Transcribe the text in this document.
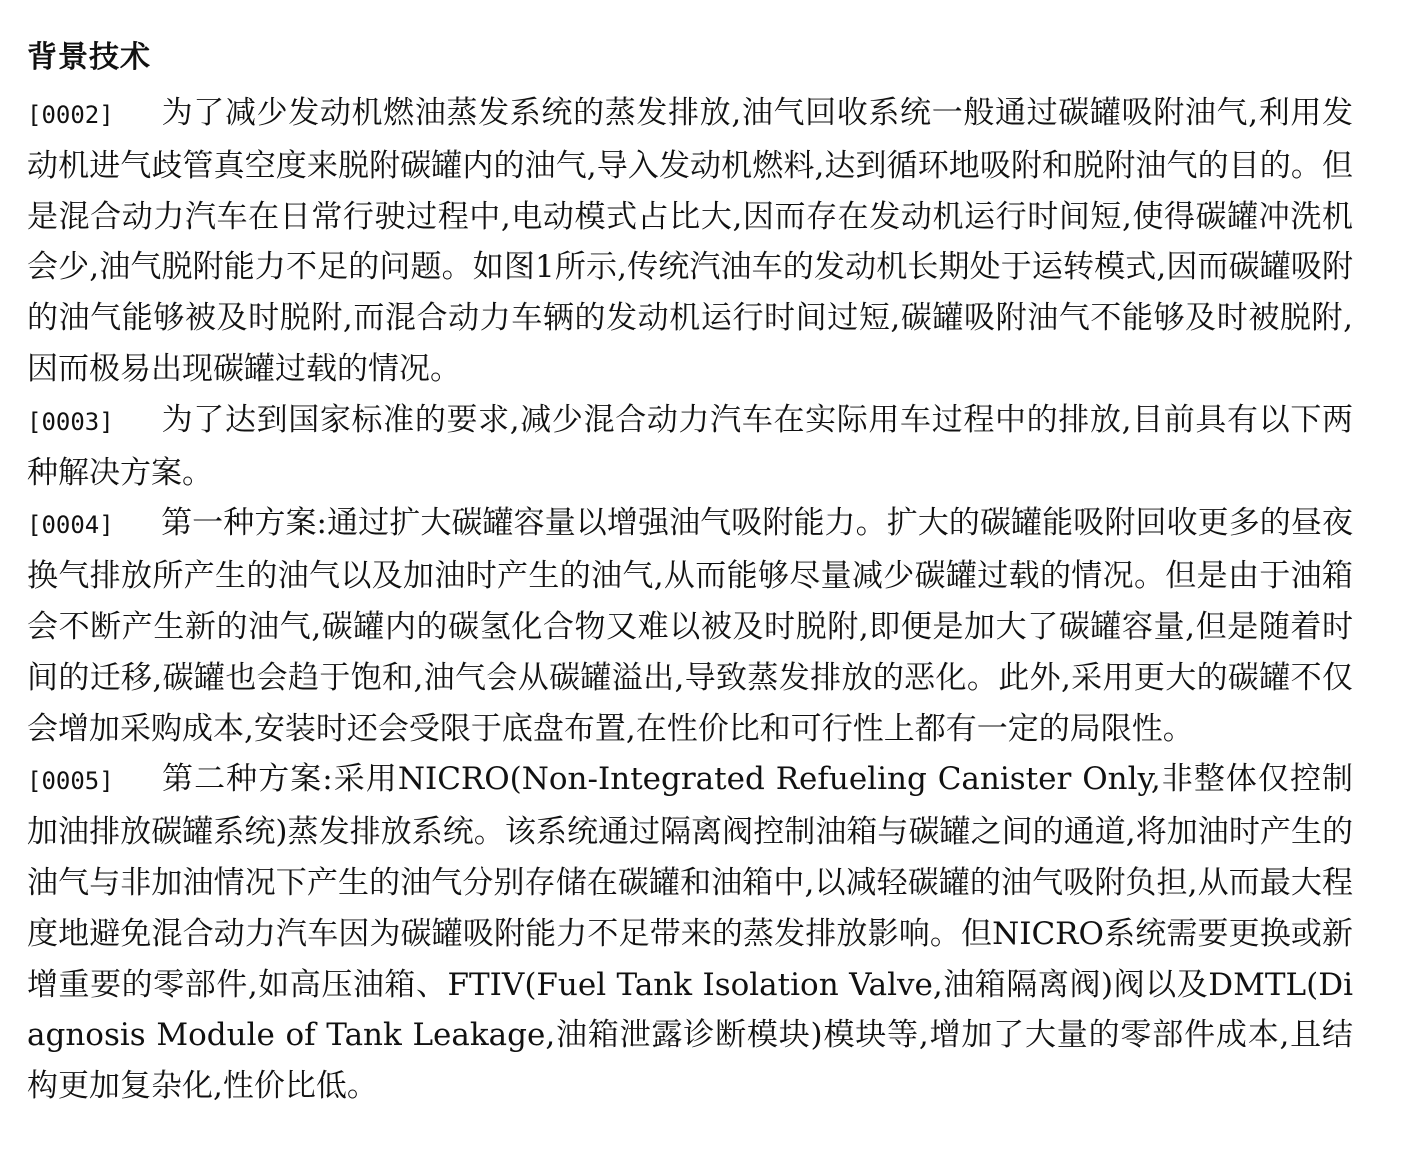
背景技术

[0002] 为了减少发动机燃油蒸发系统的蒸发排放,油气回收系统一般通过碳罐吸附油气,利用发动机进气歧管真空度来脱附碳罐内的油气,导入发动机燃料,达到循环地吸附和脱附油气的目的。但是混合动力汽车在日常行驶过程中,电动模式占比大,因而存在发动机运行时间短,使得碳罐冲洗机会少,油气脱附能力不足的问题。如图1所示,传统汽油车的发动机长期处于运转模式,因而碳罐吸附的油气能够被及时脱附,而混合动力车辆的发动机运行时间过短,碳罐吸附油气不能够及时被脱附,因而极易出现碳罐过载的情况。

[0003] 为了达到国家标准的要求,减少混合动力汽车在实际用车过程中的排放,目前具有以下两种解决方案。

[0004] 第一种方案:通过扩大碳罐容量以增强油气吸附能力。扩大的碳罐能吸附回收更多的昼夜换气排放所产生的油气以及加油时产生的油气,从而能够尽量减少碳罐过载的情况。但是由于油箱会不断产生新的油气,碳罐内的碳氢化合物又难以被及时脱附,即便是加大了碳罐容量,但是随着时间的迁移,碳罐也会趋于饱和,油气会从碳罐溢出,导致蒸发排放的恶化。此外,采用更大的碳罐不仅会增加采购成本,安装时还会受限于底盘布置,在性价比和可行性上都有一定的局限性。

[0005] 第二种方案:采用NICRO(Non-Integrated Refueling Canister Only,非整体仅控制加油排放碳罐系统)蒸发排放系统。该系统通过隔离阀控制油箱与碳罐之间的通道,将加油时产生的油气与非加油情况下产生的油气分别存储在碳罐和油箱中,以减轻碳罐的油气吸附负担,从而最大程度地避免混合动力汽车因为碳罐吸附能力不足带来的蒸发排放影响。但NICRO系统需要更换或新增重要的零部件,如高压油箱、FTIV(Fuel Tank Isolation Valve,油箱隔离阀)阀以及DMTL(Diagnosis Module of Tank Leakage,油箱泄露诊断模块)模块等,增加了大量的零部件成本,且结构更加复杂化,性价比低。
